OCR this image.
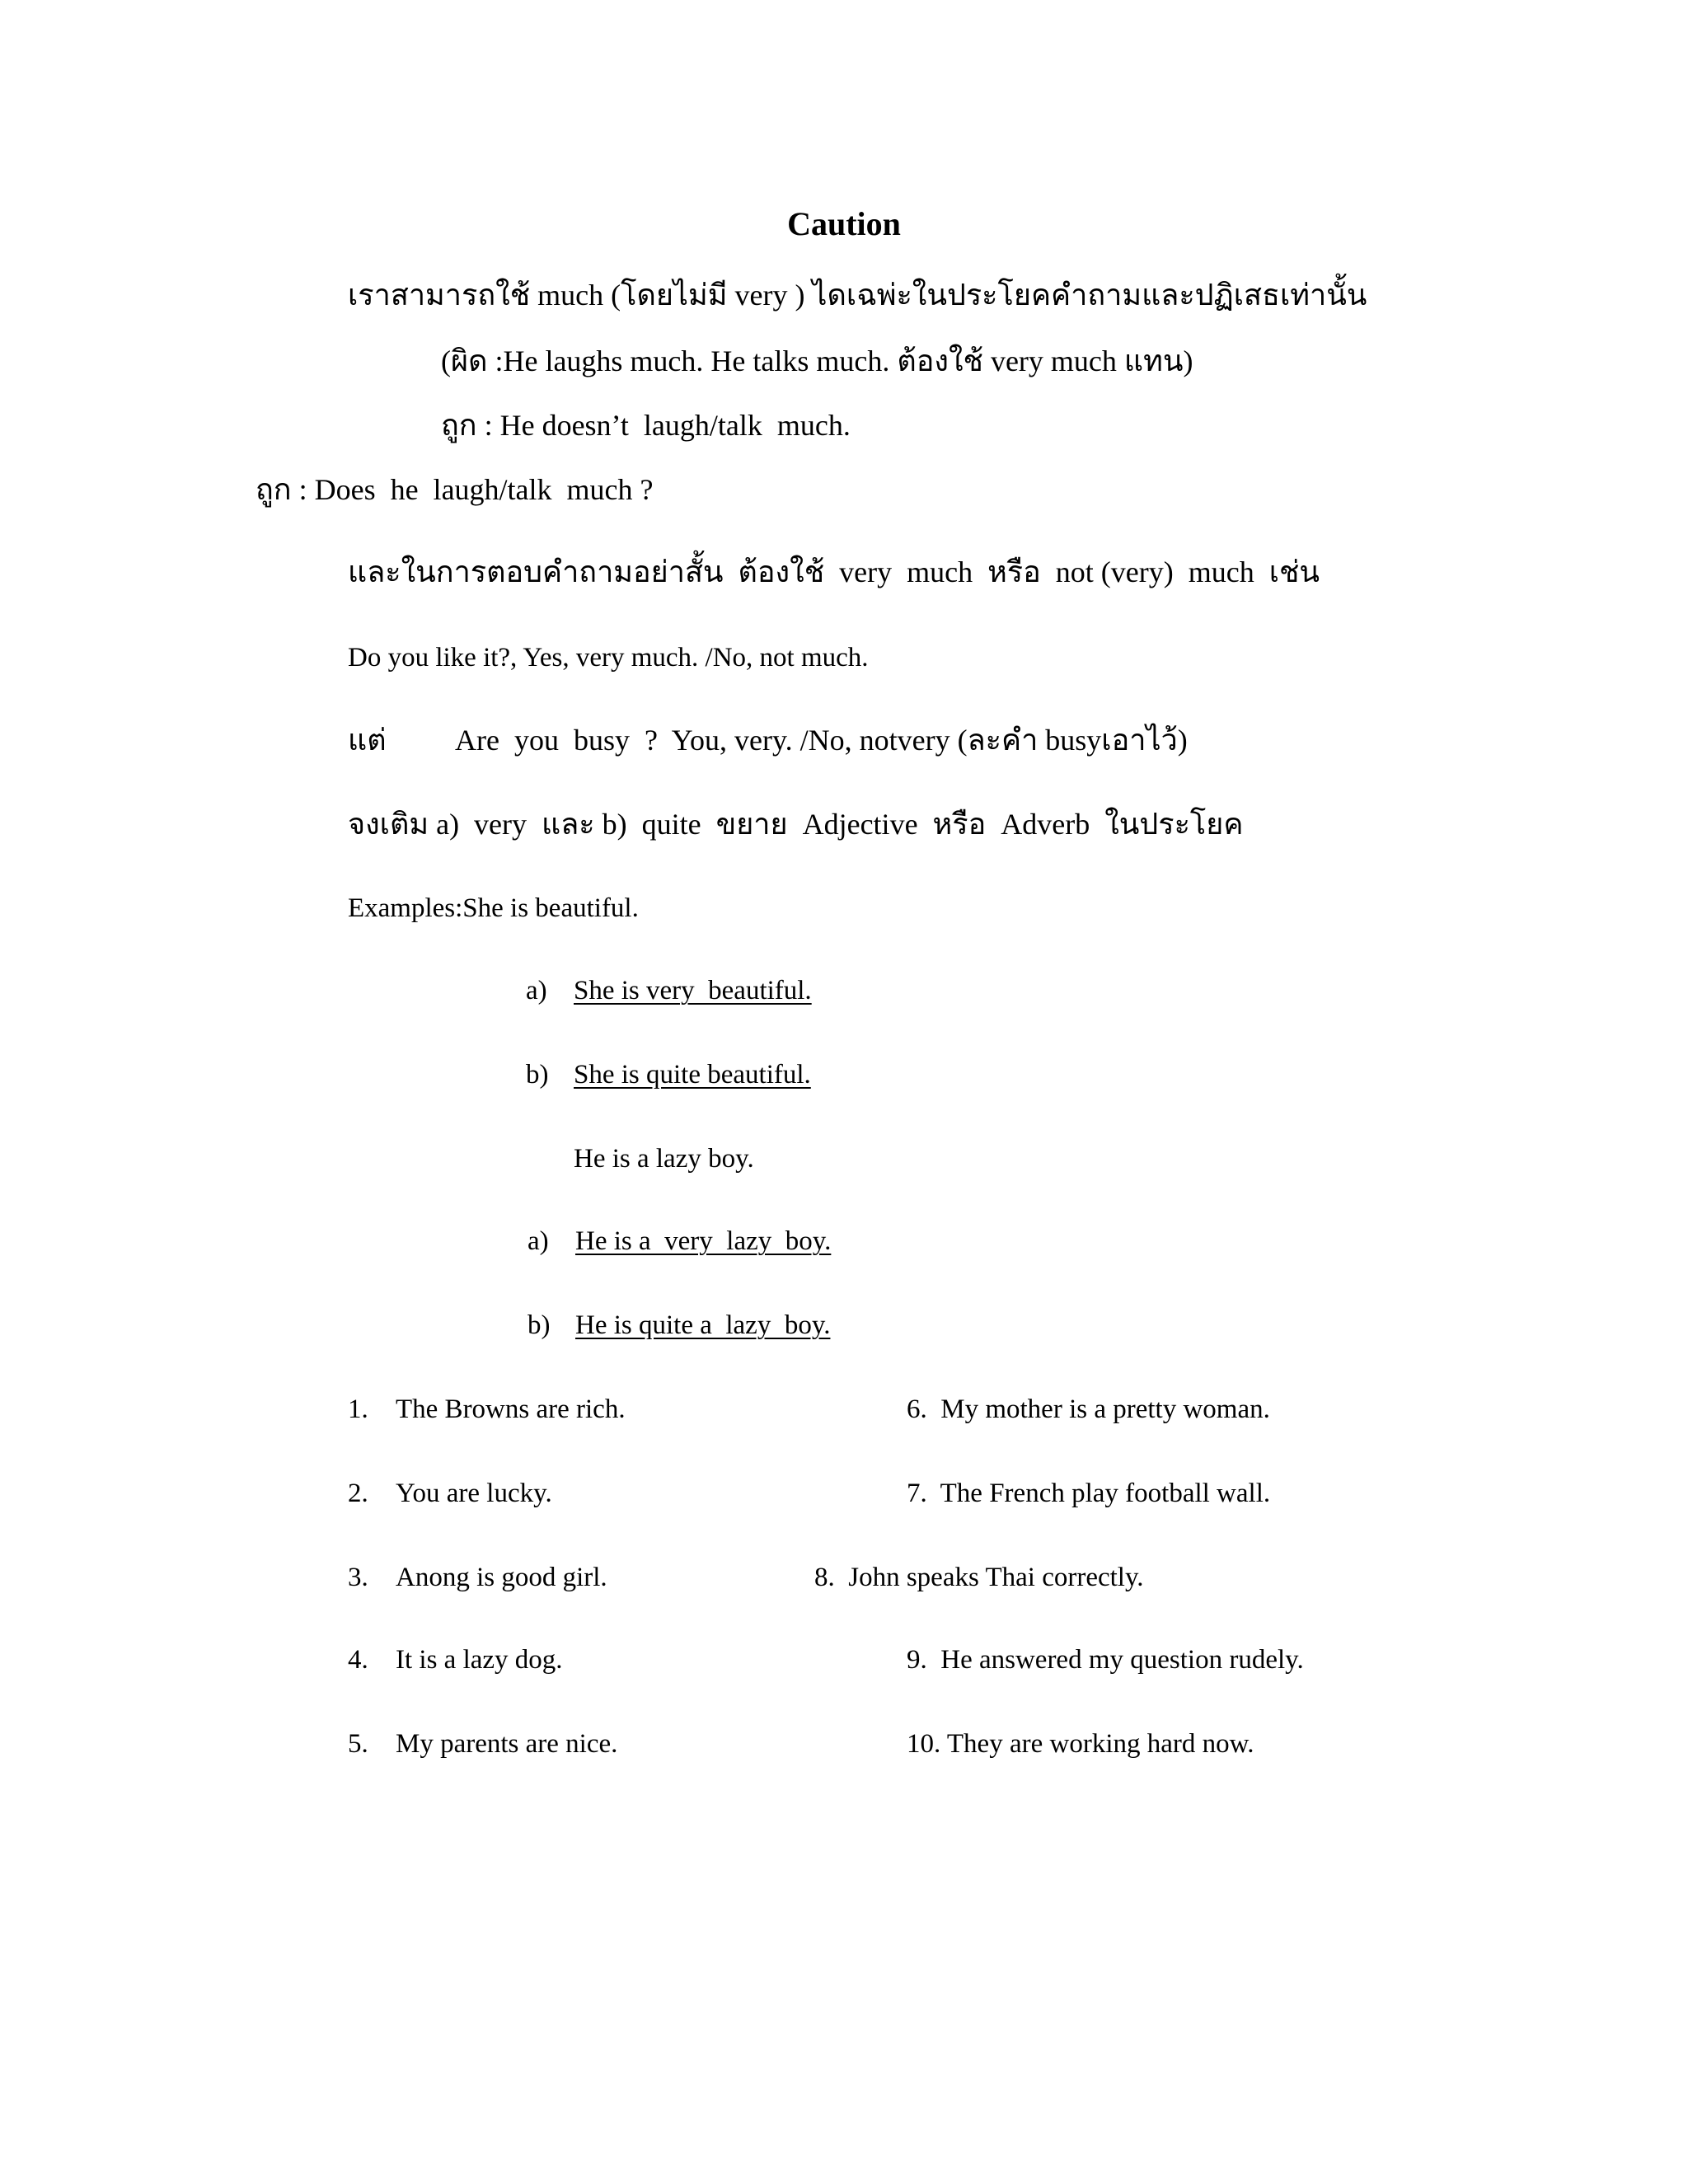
Caution
เราสามารถใช้ much (โดยไม่มี very ) ไดเฉพ่ะในประโยคคำถามและปฏิเสธเท่านั้น
(ผิด :He laughs much. He talks much. ต้องใช้ very much แทน)
ถูก : He doesn’t  laugh/talk  much.
ถูก : Does  he  laugh/talk  much ?
และในการตอบคำถามอย่าสั้น  ต้องใช้  very  much  หรือ  not (very)  much  เช่น
Do you like it?, Yes, very much. /No, not much.
แต่ Are  you  busy  ?  You, very. /No, notvery (ละคำ busyเอาไว้)
จงเติม a)  very  และ b)  quite  ขยาย  Adjective  หรือ  Adverb  ในประโยค
Examples:She is beautiful.
a) She is very  beautiful.
b) She is quite beautiful.
He is a lazy boy.
a) He is a  very  lazy  boy.
b) He is quite a  lazy  boy.
1. The Browns are rich.
2. You are lucky.
3. Anong is good girl.
4. It is a lazy dog.
5. My parents are nice.
6.  My mother is a pretty woman.
7.  The French play football wall.
8.  John speaks Thai correctly.
9.  He answered my question rudely.
10. They are working hard now.
